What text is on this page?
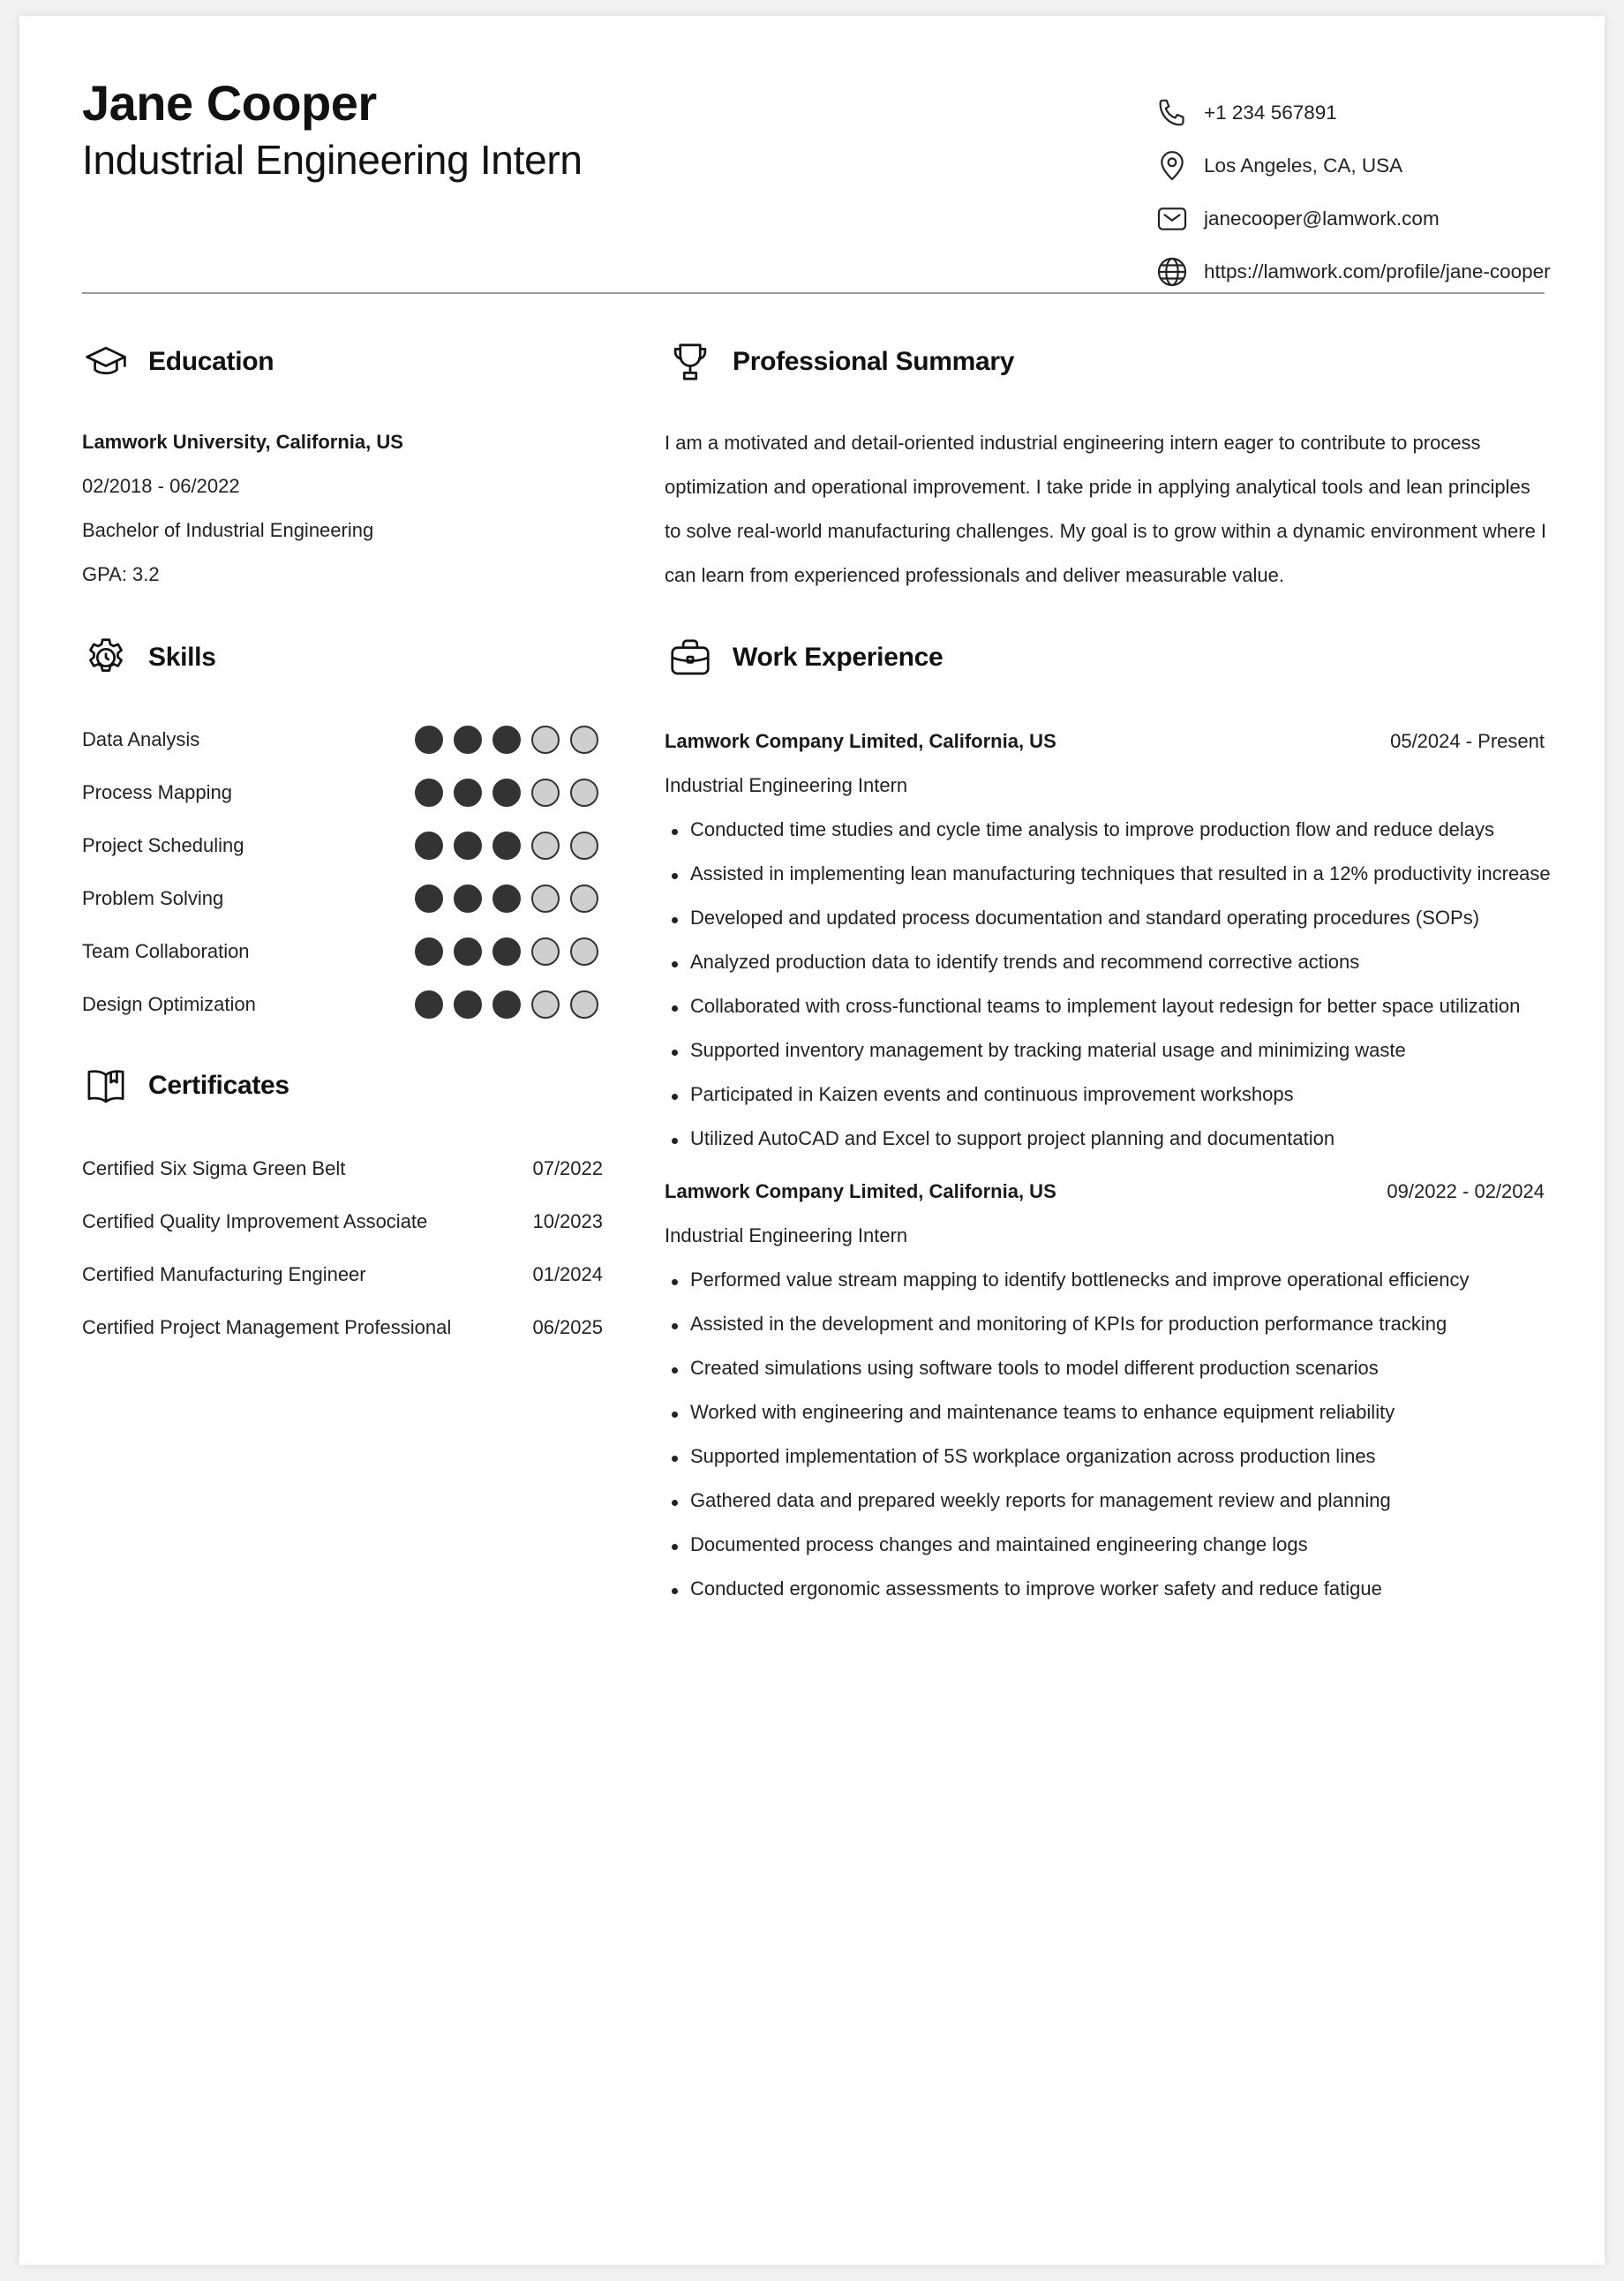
Jane Cooper
Industrial Engineering Intern
+1 234 567891
Los Angeles, CA, USA
janecooper@lamwork.com
https://lamwork.com/profile/jane-cooper
Education
Lamwork University, California, US
02/2018 - 06/2022
Bachelor of Industrial Engineering
GPA: 3.2
Skills
Data Analysis
Process Mapping
Project Scheduling
Problem Solving
Team Collaboration
Design Optimization
Certificates
Certified Six Sigma Green Belt	07/2022
Certified Quality Improvement Associate	10/2023
Certified Manufacturing Engineer	01/2024
Certified Project Management Professional	06/2025
Professional Summary
I am a motivated and detail-oriented industrial engineering intern eager to contribute to process optimization and operational improvement. I take pride in applying analytical tools and lean principles to solve real-world manufacturing challenges. My goal is to grow within a dynamic environment where I can learn from experienced professionals and deliver measurable value.
Work Experience
Lamwork Company Limited, California, US	05/2024 - Present
Industrial Engineering Intern
Conducted time studies and cycle time analysis to improve production flow and reduce delays
Assisted in implementing lean manufacturing techniques that resulted in a 12% productivity increase
Developed and updated process documentation and standard operating procedures (SOPs)
Analyzed production data to identify trends and recommend corrective actions
Collaborated with cross-functional teams to implement layout redesign for better space utilization
Supported inventory management by tracking material usage and minimizing waste
Participated in Kaizen events and continuous improvement workshops
Utilized AutoCAD and Excel to support project planning and documentation
Lamwork Company Limited, California, US	09/2022 - 02/2024
Industrial Engineering Intern
Performed value stream mapping to identify bottlenecks and improve operational efficiency
Assisted in the development and monitoring of KPIs for production performance tracking
Created simulations using software tools to model different production scenarios
Worked with engineering and maintenance teams to enhance equipment reliability
Supported implementation of 5S workplace organization across production lines
Gathered data and prepared weekly reports for management review and planning
Documented process changes and maintained engineering change logs
Conducted ergonomic assessments to improve worker safety and reduce fatigue
